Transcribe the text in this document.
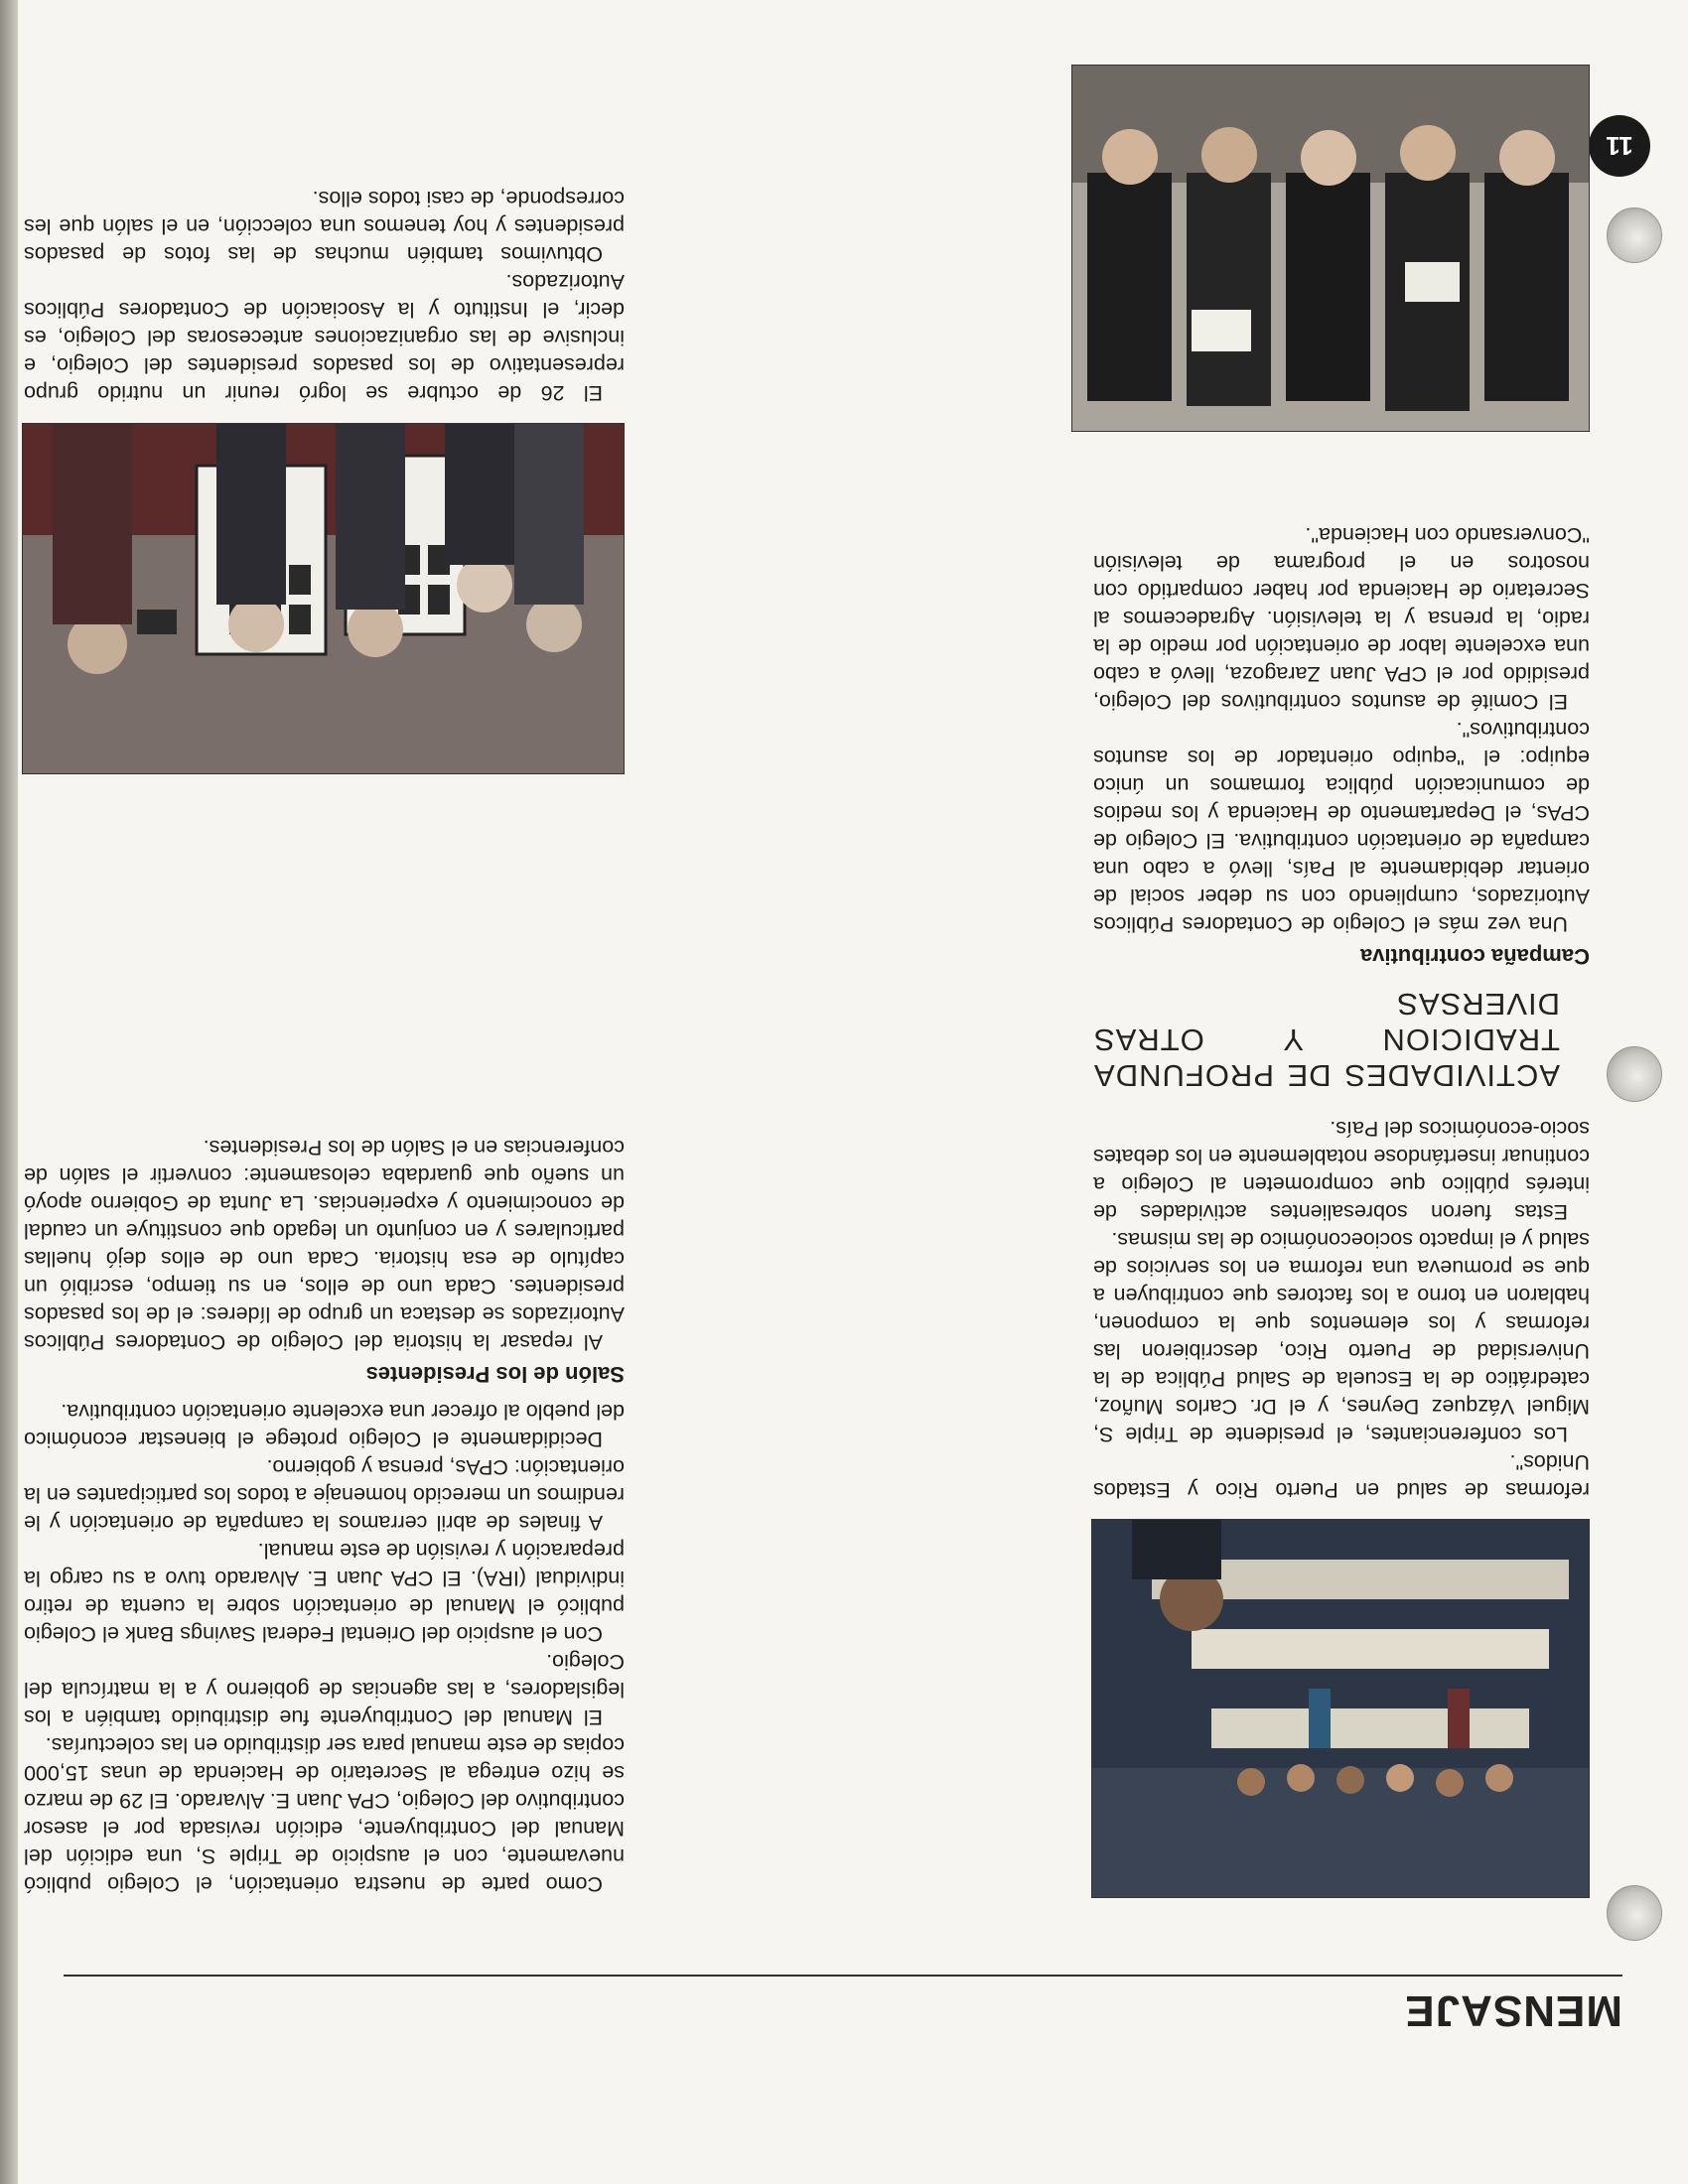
MENSAJE
11

reformas de salud en Puerto Rico y Estados Unidos".

Los conferenciantes, el presidente de Triple S, Miguel Vázquez Deynes, y el Dr. Carlos Muñoz, catedrático de la Escuela de Salud Pública de la Universidad de Puerto Rico, describieron las reformas y los elementos que la componen, hablaron en torno a los factores que contribuyen a que se promueva una reforma en los servicios de salud y el impacto socioeconómico de las mismas.

Estas fueron sobresalientes actividades de interés público que comprometen al Colegio a continuar insertándose notablemente en los debates socio-económicos del País.

ACTIVIDADES DE PROFUNDA TRADICION Y OTRAS DIVERSAS
Campaña contributiva

Una vez más el Colegio de Contadores Públicos Autorizados, cumpliendo con su deber social de orientar debidamente al País, llevó a cabo una campaña de orientación contributiva. El Colegio de CPAs, el Departamento de Hacienda y los medios de comunicación pública formamos un único equipo: el "equipo orientador de los asuntos contributivos".

El Comité de asuntos contributivos del Colegio, presidido por el CPA Juan Zaragoza, llevó a cabo una excelente labor de orientación por medio de la radio, la prensa y la televisión. Agradecemos al Secretario de Hacienda por haber compartido con nosotros en el programa de televisión "Conversando con Hacienda".

Como parte de nuestra orientación, el Colegio publicó nuevamente, con el auspicio de Triple S, una edición del Manual del Contribuyente, edición revisada por el asesor contributivo del Colegio, CPA Juan E. Alvarado. El 29 de marzo se hizo entrega al Secretario de Hacienda de unas 15,000 copias de este manual para ser distribuido en las colecturías.

El Manual del Contribuyente fue distribuido también a los legisladores, a las agencias de gobierno y a la matrícula del Colegio.

Con el auspicio del Oriental Federal Savings Bank el Colegio publicó el Manual de orientación sobre la cuenta de retiro individual (IRA). El CPA Juan E. Alvarado tuvo a su cargo la preparación y revisión de este manual.

A finales de abril cerramos la campaña de orientación y le rendimos un merecido homenaje a todos los participantes en la orientación: CPAs, prensa y gobierno.

Decididamente el Colegio protege el bienestar económico del pueblo al ofrecer una excelente orientación contributiva.

Salón de los Presidentes

Al repasar la historia del Colegio de Contadores Públicos Autorizados se destaca un grupo de líderes: el de los pasados presidentes. Cada uno de ellos, en su tiempo, escribió un capítulo de esa historia. Cada uno de ellos dejó huellas particulares y en conjunto un legado que constituye un caudal de conocimiento y experiencias. La Junta de Gobierno apoyó un sueño que guardaba celosamente: convertir el salón de conferencias en el Salón de los Presidentes.

El 26 de octubre se logró reunir un nutrido grupo representativo de los pasados presidentes del Colegio, e inclusive de las organizaciones antecesoras del Colegio, es decir, el Instituto y la Asociación de Contadores Públicos Autorizados.

Obtuvimos también muchas de las fotos de pasados presidentes y hoy tenemos una colección, en el salón que les corresponde, de casi todos ellos.
